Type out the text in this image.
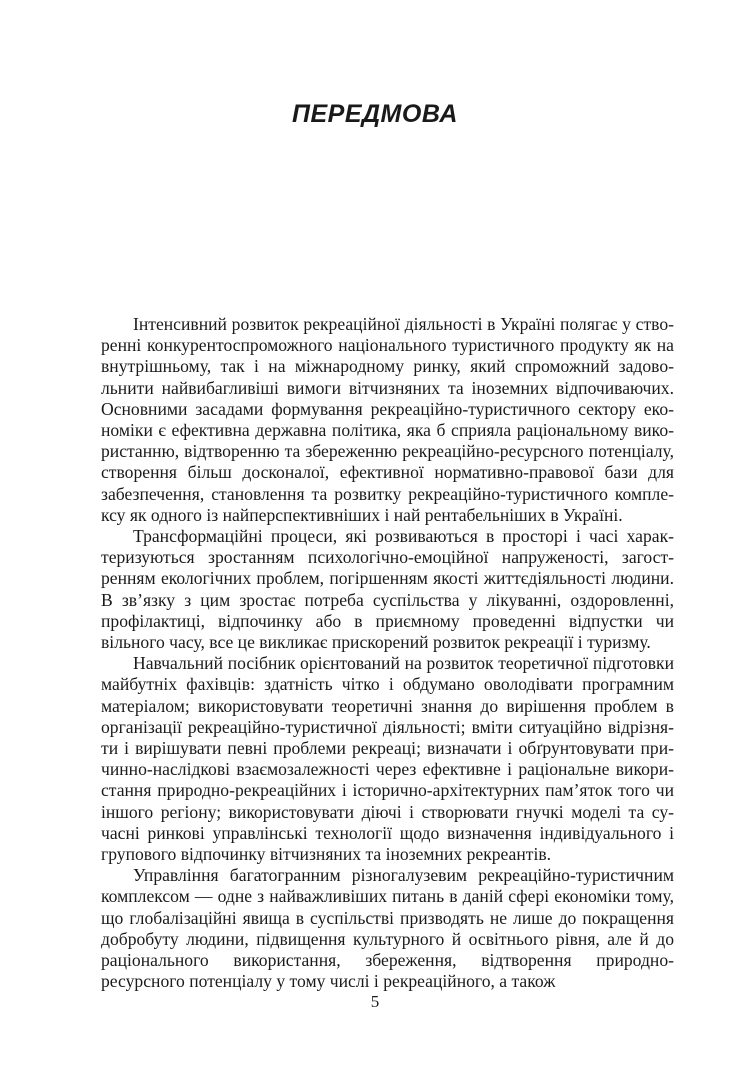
ПЕРЕДМОВА

Інтенсивний розвиток рекреаційної діяльності в Україні полягає у створенні конкурентоспроможного національного туристичного продукту як на внутрішньому, так і на міжнародному ринку, який спроможний задовольнити найвибагливіші вимоги вітчизняних та іноземних відпочиваючих. Основними засадами формування рекреаційно-туристичного сектору економіки є ефективна державна політика, яка б сприяла раціональному використанню, відтворенню та збереженню рекреаційно-ресурсного потенціалу, створення більш досконалої, ефективної нормативно-правової бази для забезпечення, становлення та розвитку рекреаційно-туристичного комплексу як одного із найперспективніших і най рентабельніших в Україні.

Трансформаційні процеси, які розвиваються в просторі і часі характеризуються зростанням психологічно-емоційної напруженості, загостренням екологічних проблем, погіршенням якості життєдіяльності людини. В зв’язку з цим зростає потреба суспільства у лікуванні, оздоровленні, профілактиці, відпочинку або в приємному проведенні відпустки чи вільного часу, все це викликає прискорений розвиток рекреації і туризму.

Навчальний посібник орієнтований на розвиток теоретичної підготовки майбутніх фахівців: здатність чітко і обдумано оволодівати програмним матеріалом; використовувати теоретичні знання до вирішення проблем в організації рекреаційно-туристичної діяльності; вміти ситуаційно відрізняти і вирішувати певні проблеми рекреаці; визначати і обґрунтовувати причинно-наслідкові взаємозалежності через ефективне і раціональне використання природно-рекреаційних і історично-архітектурних пам’яток того чи іншого регіону; використовувати діючі і створювати гнучкі моделі та сучасні ринкові управлінські технології щодо визначення індивідуального і групового відпочинку вітчизняних та іноземних рекреантів.

Управління багатогранним різногалузевим рекреаційно-туристичним комплексом — одне з найважливіших питань в даній сфері економіки тому, що глобалізаційні явища в суспільстві призводять не лише до покращення добробуту людини, підвищення культурного й освітнього рівня, але й до раціонального використання, збереження, відтворення природно-ресурсного потенціалу у тому числі і рекреаційного, а також

5
